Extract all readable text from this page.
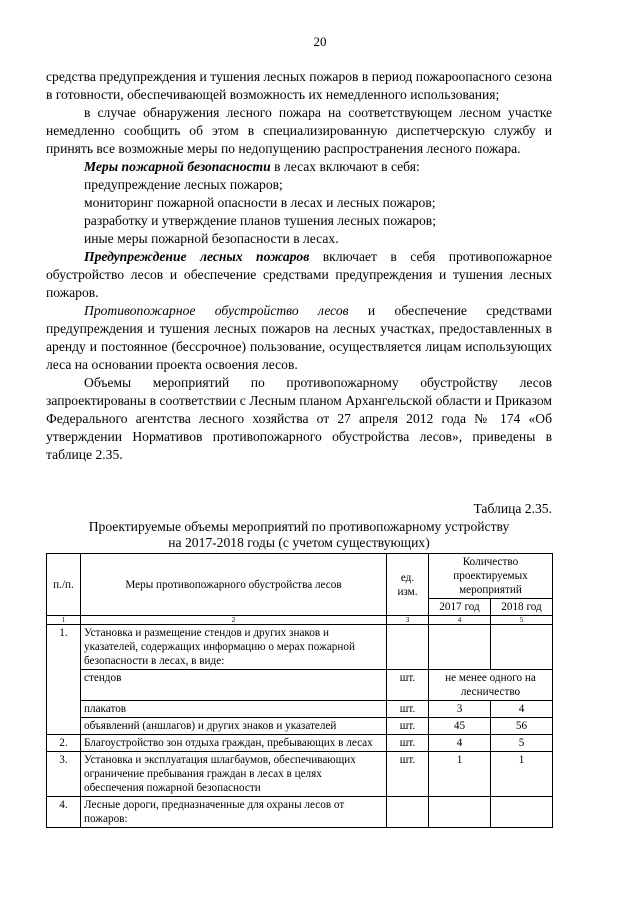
20

средства предупреждения и тушения лесных пожаров в период пожароопасного сезона в готовности, обеспечивающей возможность их немедленного использования;

в случае обнаружения лесного пожара на соответствующем лесном участке немедленно сообщить об этом в специализированную диспетчерскую службу и принять все возможные меры по недопущению распространения лесного пожара.

Меры пожарной безопасности в лесах включают в себя:

предупреждение лесных пожаров;

мониторинг пожарной опасности в лесах и лесных пожаров;

разработку и утверждение планов тушения лесных пожаров;

иные меры пожарной безопасности в лесах.

Предупреждение лесных пожаров включает в себя противопожарное обустройство лесов и обеспечение средствами предупреждения и тушения лесных пожаров.

Противопожарное обустройство лесов и обеспечение средствами предупреждения и тушения лесных пожаров на лесных участках, предоставленных в аренду и постоянное (бессрочное) пользование, осуществляется лицам использующих леса на основании проекта освоения лесов.

Объемы мероприятий по противопожарному обустройству лесов запроектированы в соответствии с Лесным планом Архангельской области и Приказом Федерального агентства лесного хозяйства от 27 апреля 2012 года № 174 «Об утверждении Нормативов противопожарного обустройства лесов», приведены в таблице 2.35.

Таблица 2.35.
Проектируемые объемы мероприятий по противопожарному устройству
на 2017-2018 годы (с учетом существующих)
п./п.	Меры противопожарного обустройства лесов	ед. изм.	Количество проектируемых мероприятий	
			2017 год	2018 год
1	2	3	4	5
1.	Установка и размещение стендов и других знаков и указателей, содержащих информацию о мерах пожарной безопасности в лесах, в виде:			
	стендов	шт.	не менее одного на лесничество	
	плакатов	шт.	3	4
	объявлений (аншлагов) и других знаков и указателей	шт.	45	56
2.	Благоустройство зон отдыха граждан, пребывающих в лесах	шт.	4	5
3.	Установка и эксплуатация шлагбаумов, обеспечивающих ограничение пребывания граждан в лесах в целях обеспечения пожарной безопасности	шт.	1	1
4.	Лесные дороги, предназначенные для охраны лесов от пожаров:			
